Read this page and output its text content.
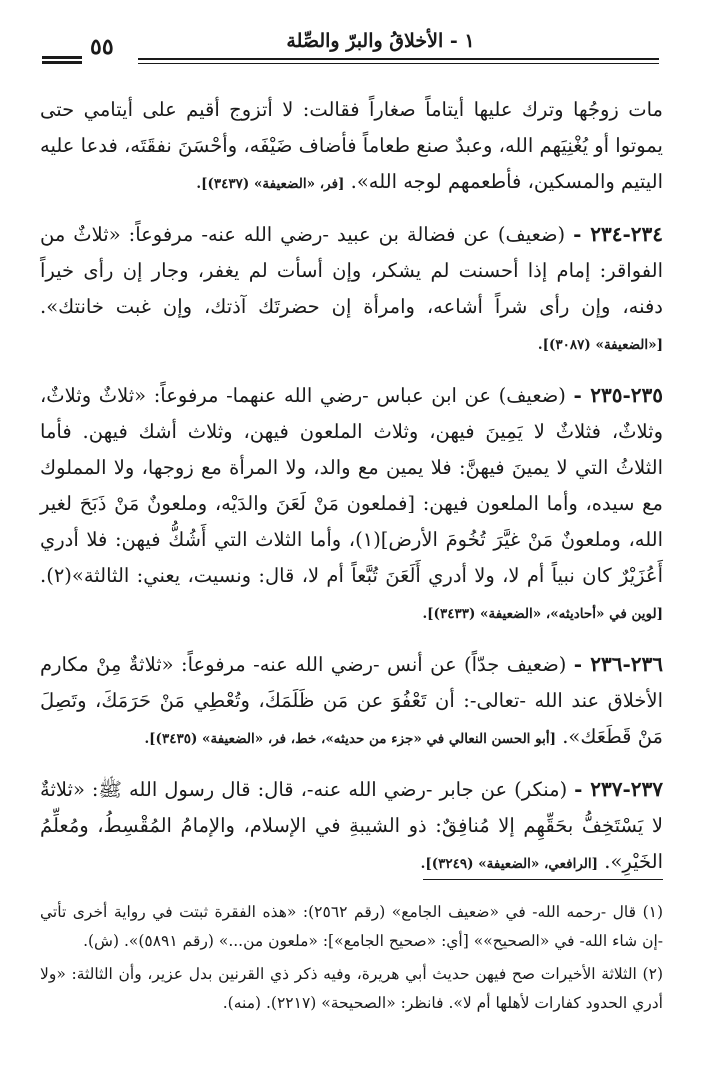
٥٥	١ - الأخلاقُ والبرّ والصِّلة

مات زوجُها وترك عليها أيتاماً صغاراً فقالت: لا أتزوج أقيم على أيتامي حتى يموتوا أو يُغْنِيَهم الله، وعبدٌ صنع طعاماً فأضاف ضَيْفَه، وأحْسَنَ نفقَتَه، فدعا عليه اليتيم والمسكين، فأطعمهم لوجه الله». [فر، «الضعيفة» (٣٤٣٧)].

٢٣٤-٢٣٤ - (ضعيف) عن فضالة بن عبيد -رضي الله عنه- مرفوعاً: «ثلاثٌ من الفواقر: إمام إذا أحسنت لم يشكر، وإن أسأت لم يغفر، وجار إن رأى خيراً دفنه، وإن رأى شراً أشاعه، وامرأة إن حضرتَك آذتك، وإن غبت خانتك». [«الضعيفة» (٣٠٨٧)].

٢٣٥-٢٣٥ - (ضعيف) عن ابن عباس -رضي الله عنهما- مرفوعاً: «ثلاثٌ وثلاثٌ، وثلاثٌ، فثلاثٌ لا يَمِينَ فيهن، وثلاث الملعون فيهن، وثلاث أشك فيهن. فأما الثلاثُ التي لا يمينَ فيهنَّ: فلا يمين مع والد، ولا المرأة مع زوجها، ولا المملوك مع سيده، وأما الملعون فيهن: [فملعون مَنْ لَعَنَ والدَيْه، وملعونٌ مَنْ ذَبَحَ لغير الله، وملعونٌ مَنْ غيَّرَ تُخُومَ الأرض](١)، وأما الثلاث التي أَشُكُّ فيهن: فلا أدري أَعُزَيْرٌ كان نبياً أم لا، ولا أدري أَلَعَنَ تُبَّعاً أم لا، قال: ونسيت، يعني: الثالثة»(٢). [لوين في «أحاديثه»، «الضعيفة» (٣٤٣٣)].

٢٣٦-٢٣٦ - (ضعيف جدّاً) عن أنس -رضي الله عنه- مرفوعاً: «ثلاثةٌ مِنْ مكارم الأخلاق عند الله -تعالى-: أن تَعْفُوَ عن مَن ظَلَمَكَ، وتُعْطِي مَنْ حَرَمَكَ، وتَصِلَ مَنْ قَطَعَك». [أبو الحسن النعالي في «جزء من حديثه»، خط، فر، «الضعيفة» (٣٤٣٥)].

٢٣٧-٢٣٧ - (منكر) عن جابر -رضي الله عنه-، قال: قال رسول الله ﷺ: «ثلاثةٌ لا يَسْتَخِفُّ بحَقِّهِم إلا مُنافِقٌ: ذو الشيبةِ في الإسلام، والإمامُ المُقْسِطُ، ومُعلِّمُ الخَيْرِ». [الرافعي، «الضعيفة» (٣٢٤٩)].

(١) قال -رحمه الله- في «ضعيف الجامع» (رقم ٢٥٦٢): «هذه الفقرة ثبتت في رواية أخرى تأتي -إن شاء الله- في «الصحيح»» [أي: «صحيح الجامع»]: «ملعون من...» (رقم ٥٨٩١)». (ش).

(٢) الثلاثة الأخيرات صح فيهن حديث أبي هريرة، وفيه ذكر ذي القرنين بدل عزير، وأن الثالثة: «ولا أدري الحدود كفارات لأهلها أم لا». فانظر: «الصحيحة» (٢٢١٧). (منه).
